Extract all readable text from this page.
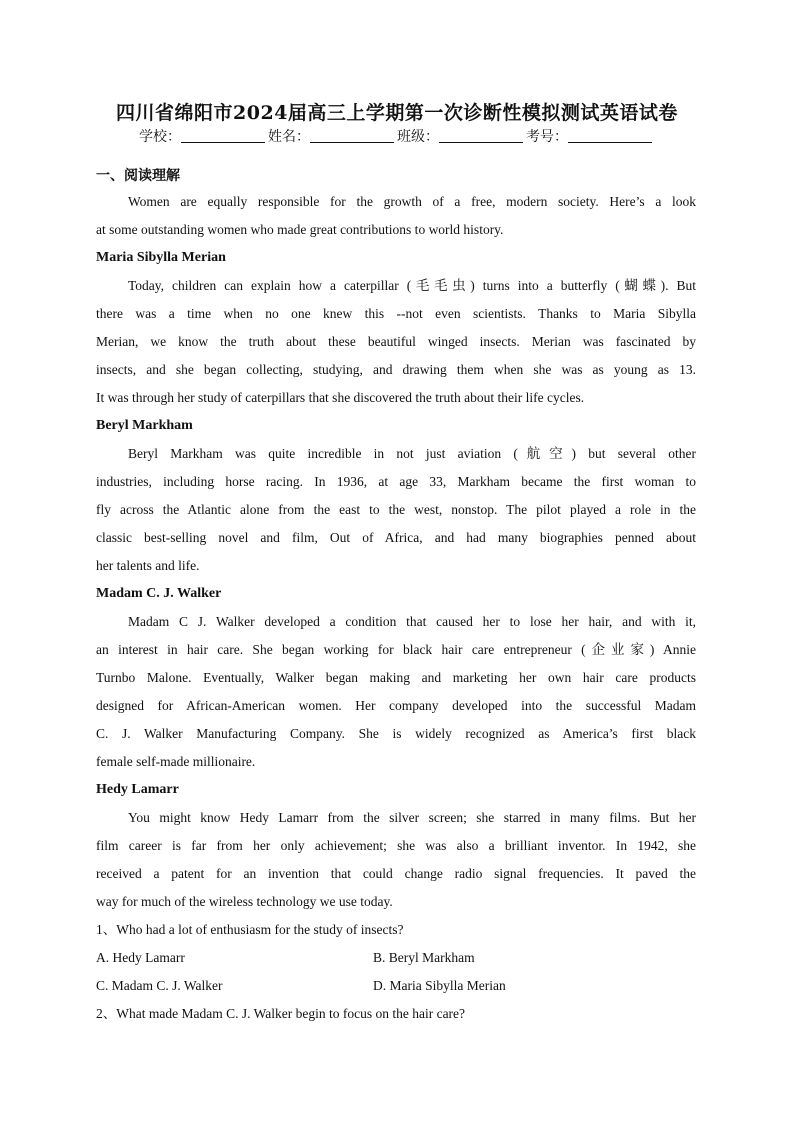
四川省绵阳市2024届高三上学期第一次诊断性模拟测试英语试卷
学校：	姓名：	班级：	考号：
一、阅读理解
Women are equally responsible for the growth of a free, modern society. Here’s a look
at some outstanding women who made great contributions to world history.
Maria Sibylla Merian
Today, children can explain how a caterpillar (毛毛虫) turns into a butterfly (蝴蝶). But
there was a time when no one knew this --not even scientists. Thanks to Maria Sibylla
Merian, we know the truth about these beautiful winged insects. Merian was fascinated by
insects, and she began collecting, studying, and drawing them when she was as young as 13.
It was through her study of caterpillars that she discovered the truth about their life cycles.
Beryl Markham
Beryl Markham was quite incredible in not just aviation (航空) but several other
industries, including horse racing. In 1936, at age 33, Markham became the first woman to
fly across the Atlantic alone from the east to the west, nonstop. The pilot played a role in the
classic best-selling novel and film, Out of Africa, and had many biographies penned about
her talents and life.
Madam C. J. Walker
Madam C J. Walker developed a condition that caused her to lose her hair, and with it,
an interest in hair care. She began working for black hair care entrepreneur (企业家) Annie
Turnbo Malone. Eventually, Walker began making and marketing her own hair care products
designed for African-American women. Her company developed into the successful Madam
C. J. Walker Manufacturing Company. She is widely recognized as America’s first black
female self-made millionaire.
Hedy Lamarr
You might know Hedy Lamarr from the silver screen; she starred in many films. But her
film career is far from her only achievement; she was also a brilliant inventor. In 1942, she
received a patent for an invention that could change radio signal frequencies. It paved the
way for much of the wireless technology we use today.
1、Who had a lot of enthusiasm for the study of insects?
A. Hedy Lamarr	B. Beryl Markham
C. Madam C. J. Walker	D. Maria Sibylla Merian
2、What made Madam C. J. Walker begin to focus on the hair care?
